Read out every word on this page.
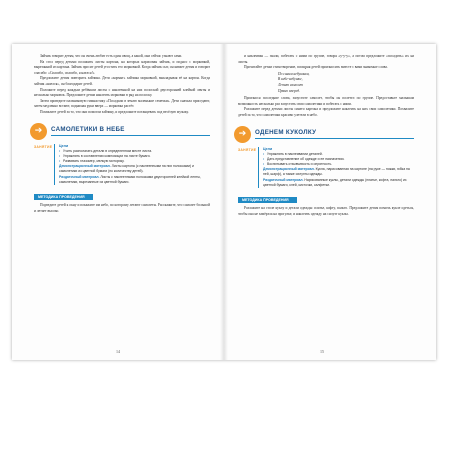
Зайчик говорит детям, что он очень любит есть один овощ, а какой, они сейчас узнают сами.

На стол перед детьми положить листы картона, на которых нарисован зайчик, и поднос с морковкой, вырезанной из картона. Зайчик просит детей угостить его морковкой. Когда зайчик сыт, он кивает детям и говорит спасибо: «Спасибо, спасибо, я наелся!»

Предложите детям повторить зайчика. Дети «кормят» зайчика морковкой, выкладывая её на картон. Когда зайчик «наелся», он благодарит детей.

Положите перед каждым ребёнком листы с наклеенной на них полоской двусторонней клейкой ленты и несколько морковок. Предложите детям наклеить морковки в ряд на полоску.

Затем проведите пальчиковую гимнастику «Посадили в землю маленькие семечки». Дети сначала приседают, затем медленно встают, поднимая руки вверх — морковка растёт.

Похвалите детей за то, что они помогли зайчику, и предложите потанцевать под весёлую музыку.

➔	САМОЛЕТИКИ В НЕБЕ
ЗАНЯТИЕ	Цели
• Учить располагать детали в определенном месте листа.
• Упражнять в составлении композиции на листе бумаги.
• Развивать глазомер, мелкую моторику.
Демонстрационный материал. Листы картона (с наклеенными на них полосками) и самолетики из цветной бумаги (по количеству детей).
Раздаточный материал. Листы с наклеенными полосками двусторонней клейкой ленты, самолетики, вырезанные из цветной бумаги.
МЕТОДИКА ПРОВЕДЕНИЯ

Подведите детей к окну и покажите им небо, по которому летают самолеты. Расскажите, что самолет большой и летает высоко.

14

и наклеивая — гнали, побегать с ними по группе, говоря «у-у-у», а потом предложите «посадить» их на листы.

Прочитайте детям стихотворение, поощряя детей произносить вместе с вами знакомые слова.

По синим небушкам,
В небе-небушке,
Летит самолет
Прямо вперед.

Произнося последние слова, запустите самолет, чтобы он полетел по группе. Предоставьте малышам возможность несколько раз запустить свои самолетики и побегать с ними.

Разложите перед детьми листы синего картона и предложите наклеить на них свои самолетики. Похвалите детей за то, что самолетики красиво улетели в небо.

➔	ОДЕНЕМ КУКОЛКУ
ЗАНЯТИЕ	Цели
• Упражнять в наклеивании деталей.
• Дать представление об одежде и ее назначении.
• Воспитывать отзывчивость и опрятность.
Демонстрационный материал. Кукла, нарисованная на картоне (на руке — ножки, юбка на ней, шарф), а также силуэты одежды.
Раздаточный материал. Нарисованные куклы, детали одежды (платье, кофта, пальто) из цветной бумаги, клей, кисточки, салфетки.
МЕТОДИКА ПРОВЕДЕНИЯ

Разложите на столе куклу и детали одежды: платье, кофту, пальто. Предложите детям помочь кукле одеться, чтобы она не замёрзла на прогулке, и наклеить одежду на силуэт куклы.

15
